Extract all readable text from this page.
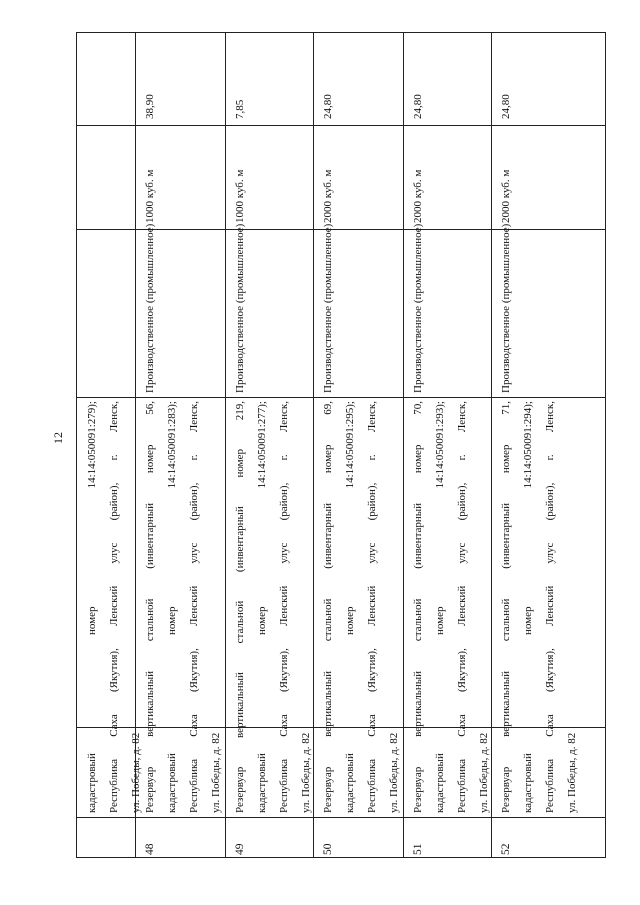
12	кадастровый номер 14:14:050091:279); Республика Саха (Якутия), Ленский улус (район), г. Ленск, ул. Победы, д. 82
48
Резервуар вертикальный стальной (инвентарный номер 56, кадастровый номер 14:14:050091:283); Республика Саха (Якутия), Ленский улус (район), г. Ленск, ул. Победы, д. 82
Производственное (промышленное)
1000 куб. м
38,90
49
Резервуар вертикальный стальной (инвентарный номер 219, кадастровый номер 14:14:050091:277); Республика Саха (Якутия), Ленский улус (район), г. Ленск, ул. Победы, д. 82
Производственное (промышленное)
1000 куб. м
7,85
50
Резервуар вертикальный стальной (инвентарный номер 69, кадастровый номер 14:14:050091:295); Республика Саха (Якутия), Ленский улус (район), г. Ленск, ул. Победы, д. 82
Производственное (промышленное)
2000 куб. м
24,80
51
Резервуар вертикальный стальной (инвентарный номер 70, кадастровый номер 14:14:050091:293); Республика Саха (Якутия), Ленский улус (район), г. Ленск, ул. Победы, д. 82
Производственное (промышленное)
2000 куб. м
24,80
52
Резервуар вертикальный стальной (инвентарный номер 71, кадастровый номер 14:14:050091:294); Республика Саха (Якутия), Ленский улус (район), г. Ленск, ул. Победы, д. 82
Производственное (промышленное)
2000 куб. м
24,80
